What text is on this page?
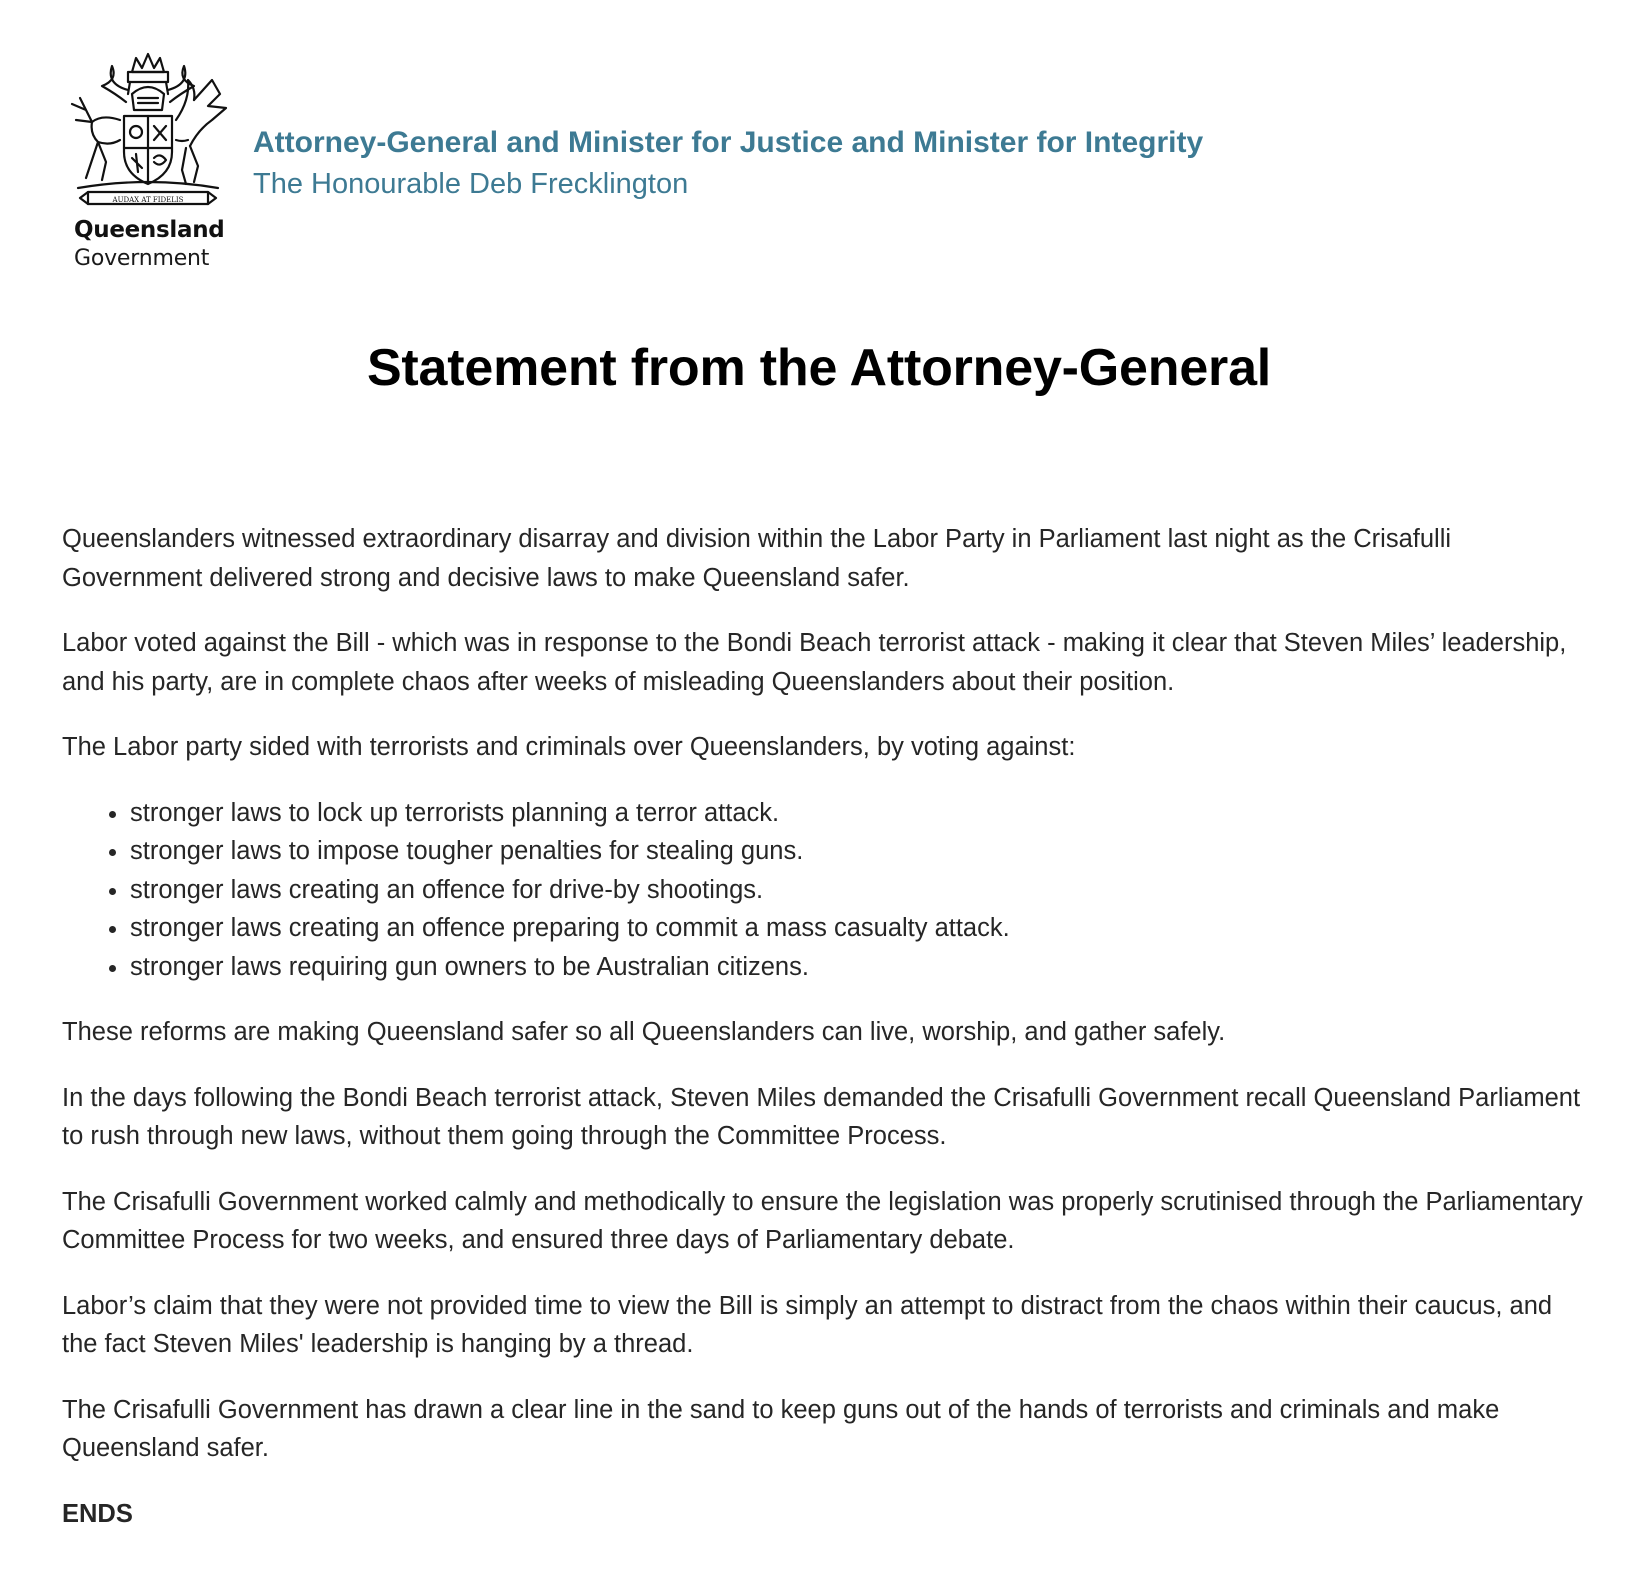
AUDAX AT FIDELIS
Queensland
Government
Attorney-General and Minister for Justice and Minister for Integrity
The Honourable Deb Frecklington
Statement from the Attorney-General

Queenslanders witnessed extraordinary disarray and division within the Labor Party in Parliament last night as the Crisafulli Government delivered strong and decisive laws to make Queensland safer.

Labor voted against the Bill - which was in response to the Bondi Beach terrorist attack - making it clear that Steven Miles’ leadership, and his party, are in complete chaos after weeks of misleading Queenslanders about their position.

The Labor party sided with terrorists and criminals over Queenslanders, by voting against:

• stronger laws to lock up terrorists planning a terror attack.
• stronger laws to impose tougher penalties for stealing guns.
• stronger laws creating an offence for drive-by shootings.
• stronger laws creating an offence preparing to commit a mass casualty attack.
• stronger laws requiring gun owners to be Australian citizens.

These reforms are making Queensland safer so all Queenslanders can live, worship, and gather safely.

In the days following the Bondi Beach terrorist attack, Steven Miles demanded the Crisafulli Government recall Queensland Parliament to rush through new laws, without them going through the Committee Process.

The Crisafulli Government worked calmly and methodically to ensure the legislation was properly scrutinised through the Parliamentary Committee Process for two weeks, and ensured three days of Parliamentary debate.

Labor’s claim that they were not provided time to view the Bill is simply an attempt to distract from the chaos within their caucus, and the fact Steven Miles' leadership is hanging by a thread.

The Crisafulli Government has drawn a clear line in the sand to keep guns out of the hands of terrorists and criminals and make Queensland safer.

ENDS
